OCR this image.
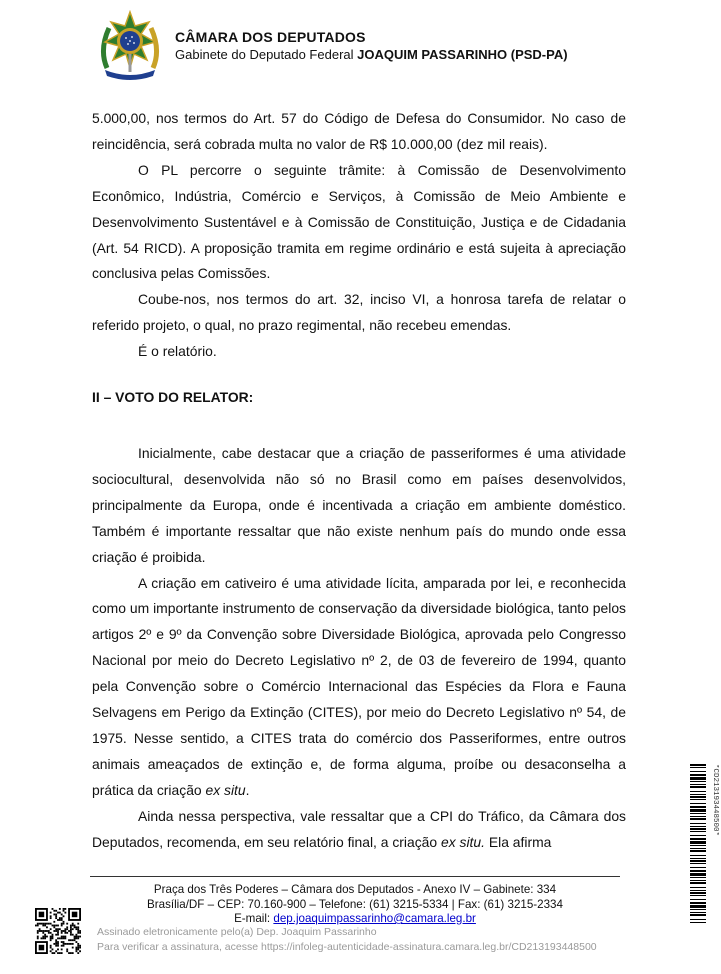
CÂMARA DOS DEPUTADOS
Gabinete do Deputado Federal JOAQUIM PASSARINHO (PSD-PA)

5.000,00, nos termos do Art. 57 do Código de Defesa do Consumidor. No caso de reincidência, será cobrada multa no valor de R$ 10.000,00 (dez mil reais).

O PL percorre o seguinte trâmite: à Comissão de Desenvolvimento Econômico, Indústria, Comércio e Serviços, à Comissão de Meio Ambiente e Desenvolvimento Sustentável e à Comissão de Constituição, Justiça e de Cidadania (Art. 54 RICD). A proposição tramita em regime ordinário e está sujeita à apreciação conclusiva pelas Comissões.

Coube-nos, nos termos do art. 32, inciso VI, a honrosa tarefa de relatar o referido projeto, o qual, no prazo regimental, não recebeu emendas.

É o relatório.

II – VOTO DO RELATOR:

Inicialmente, cabe destacar que a criação de passeriformes é uma atividade sociocultural, desenvolvida não só no Brasil como em países desenvolvidos, principalmente da Europa, onde é incentivada a criação em ambiente doméstico. Também é importante ressaltar que não existe nenhum país do mundo onde essa criação é proibida.

A criação em cativeiro é uma atividade lícita, amparada por lei, e reconhecida como um importante instrumento de conservação da diversidade biológica, tanto pelos artigos 2º e 9º da Convenção sobre Diversidade Biológica, aprovada pelo Congresso Nacional por meio do Decreto Legislativo nº 2, de 03 de fevereiro de 1994, quanto pela Convenção sobre o Comércio Internacional das Espécies da Flora e Fauna Selvagens em Perigo da Extinção (CITES), por meio do Decreto Legislativo nº 54, de 1975. Nesse sentido, a CITES trata do comércio dos Passeriformes, entre outros animais ameaçados de extinção e, de forma alguma, proíbe ou desaconselha a prática da criação ex situ.

Ainda nessa perspectiva, vale ressaltar que a CPI do Tráfico, da Câmara dos Deputados, recomenda, em seu relatório final, a criação ex situ. Ela afirma

*CD213193448500*
Praça dos Três Poderes – Câmara dos Deputados - Anexo IV – Gabinete: 334
Brasília/DF – CEP: 70.160-900 – Telefone: (61) 3215-5334 | Fax: (61) 3215-2334
E-mail: dep.joaquimpassarinho@camara.leg.br
Assinado eletronicamente pelo(a) Dep. Joaquim Passarinho
Para verificar a assinatura, acesse https://infoleg-autenticidade-assinatura.camara.leg.br/CD213193448500
